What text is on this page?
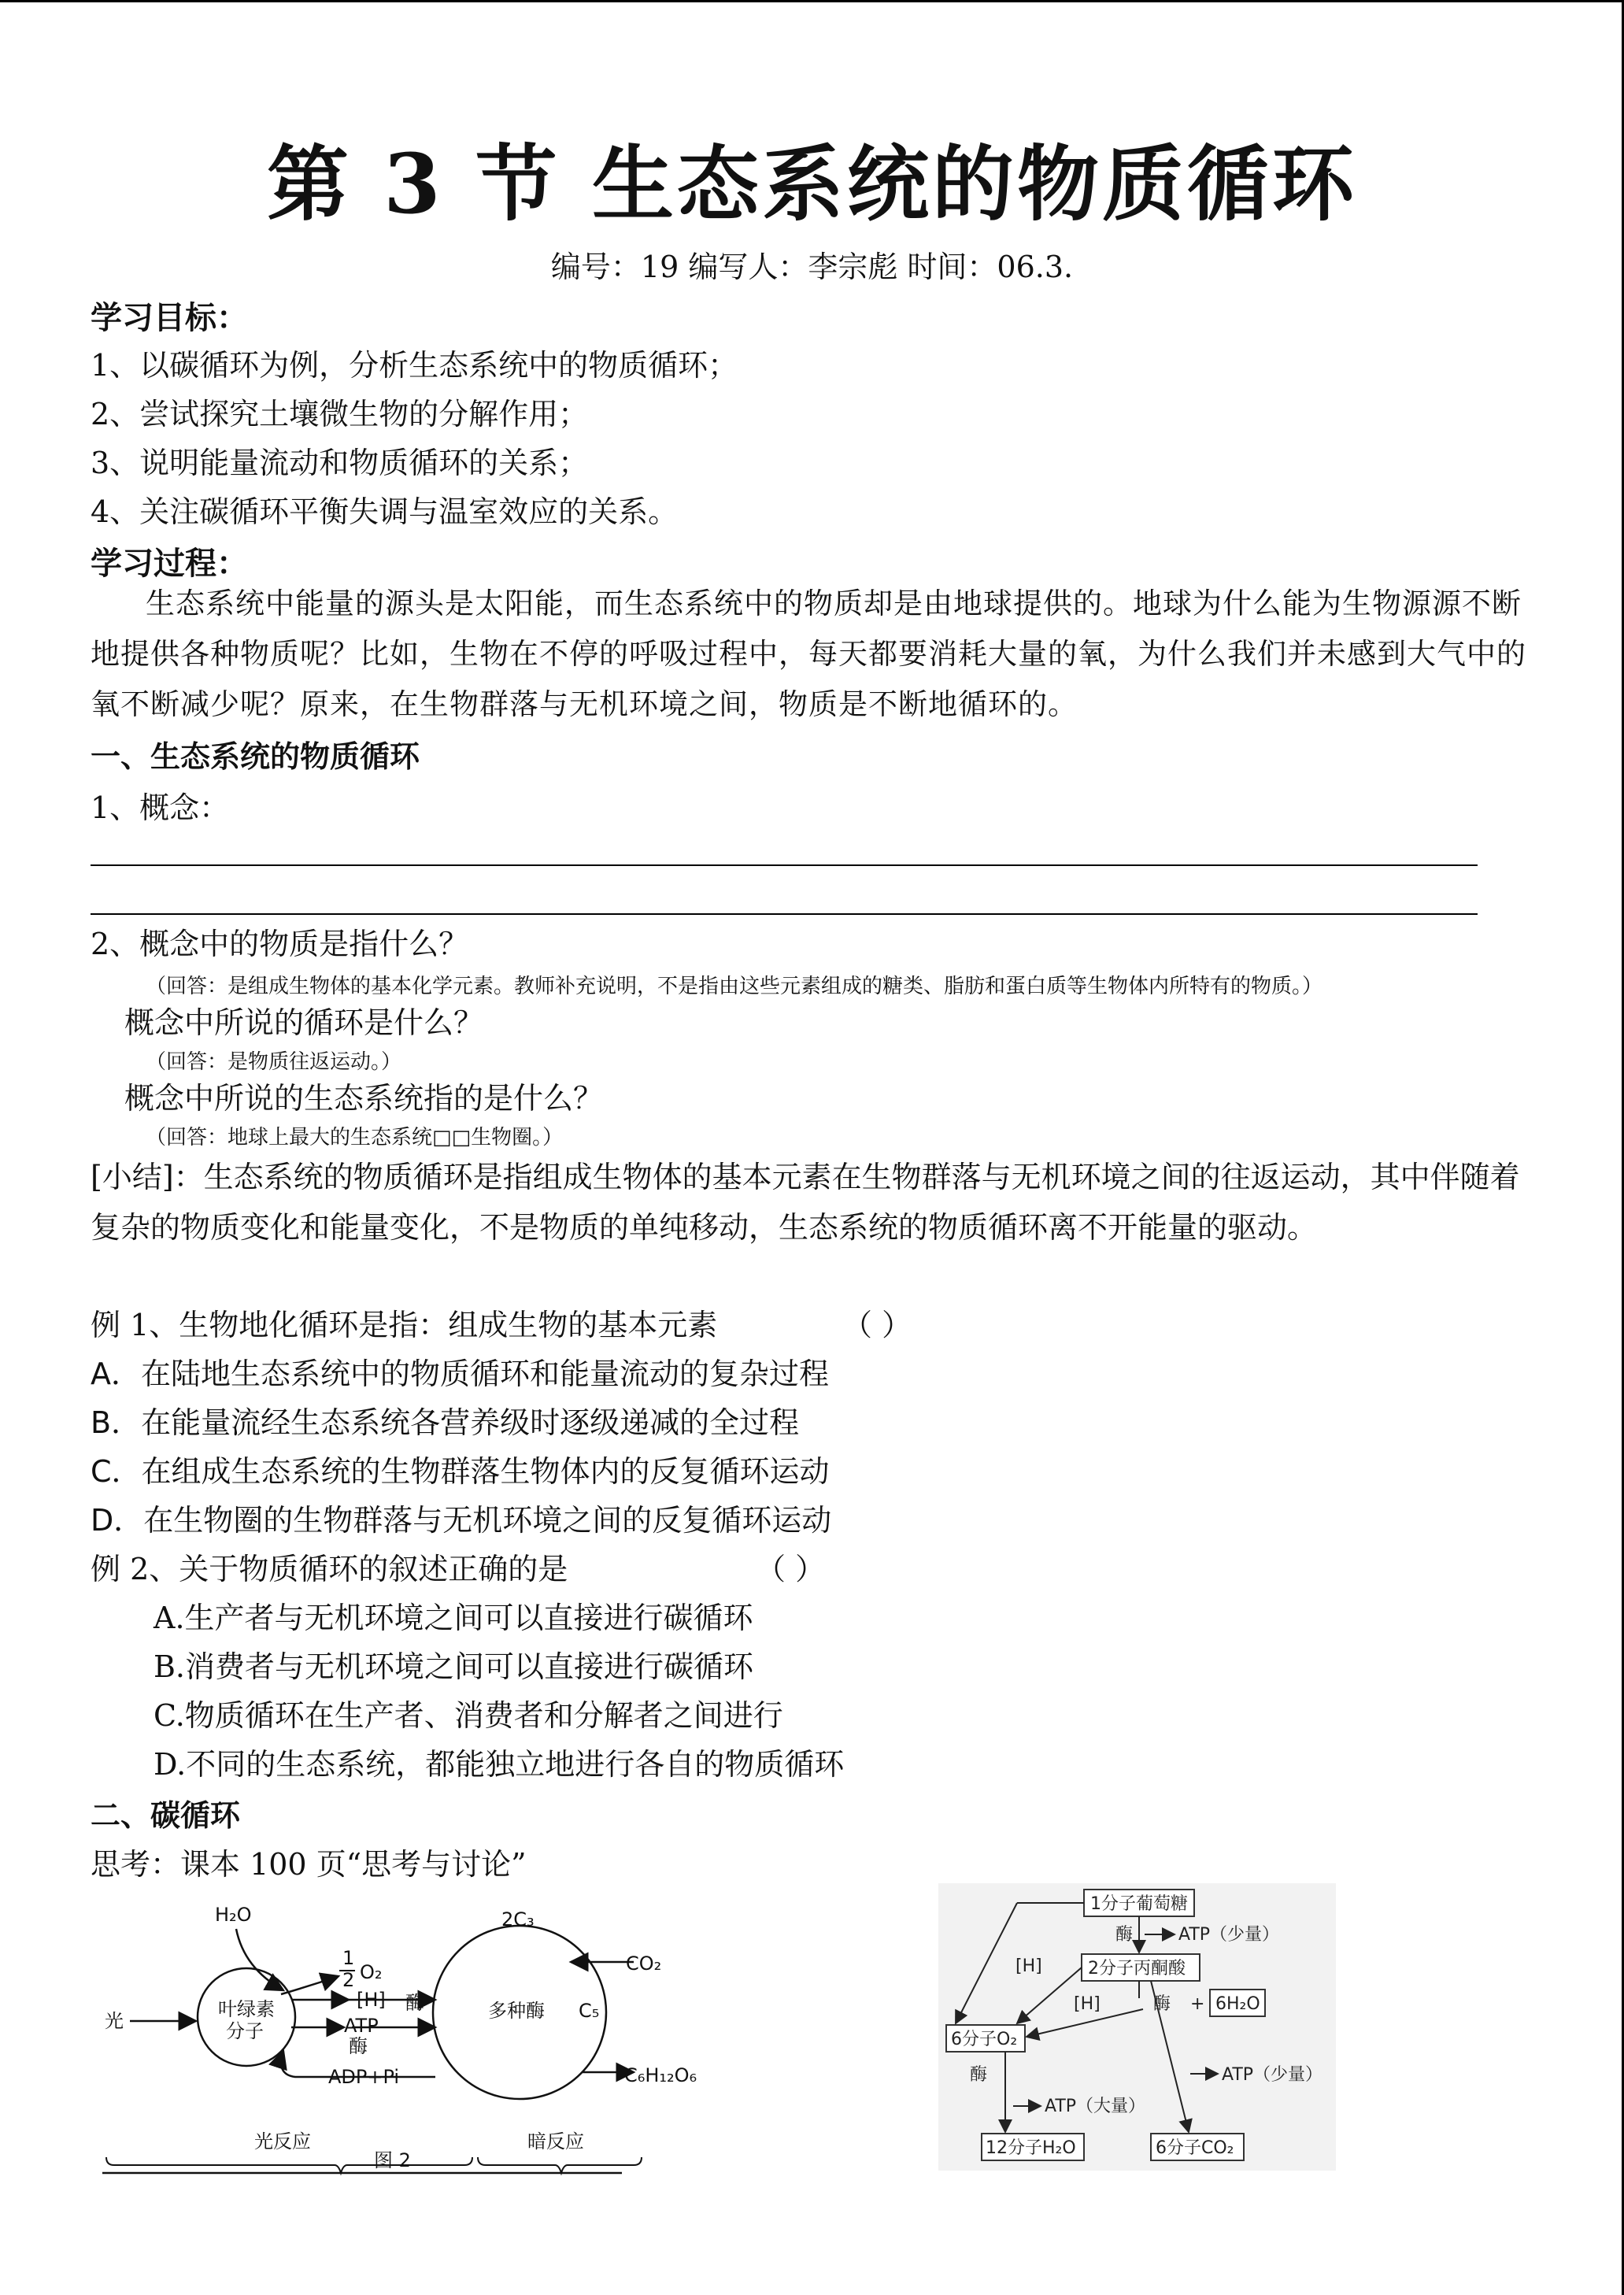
第 3 节 生态系统的物质循环
编号：19 编写人：李宗彪 时间：06.3.
学习目标：
1、以碳循环为例，分析生态系统中的物质循环；
2、尝试探究土壤微生物的分解作用；
3、说明能量流动和物质循环的关系；
4、关注碳循环平衡失调与温室效应的关系。
学习过程：
生态系统中能量的源头是太阳能，而生态系统中的物质却是由地球提供的。地球为什么能为生物源源不断地提供各种物质呢？比如，生物在不停的呼吸过程中，每天都要消耗大量的氧，为什么我们并未感到大气中的氧不断减少呢？原来，在生物群落与无机环境之间，物质是不断地循环的。
一、生态系统的物质循环
1、概念：
2、概念中的物质是指什么？
（回答：是组成生物体的基本化学元素。教师补充说明，不是指由这些元素组成的糖类、脂肪和蛋白质等生物体内所特有的物质。）
概念中所说的循环是什么？
（回答：是物质往返运动。）
概念中所说的生态系统指的是什么？
（回答：地球上最大的生态系统□□生物圈。）
[小结]：生态系统的物质循环是指组成生物体的基本元素在生物群落与无机环境之间的往返运动，其中伴随着复杂的物质变化和能量变化，不是物质的单纯移动，生态系统的物质循环离不开能量的驱动。
例 1、生物地化循环是指：组成生物的基本元素	（ ）
A．在陆地生态系统中的物质循环和能量流动的复杂过程
B．在能量流经生态系统各营养级时逐级递减的全过程
C．在组成生态系统的生物群落生物体内的反复循环运动
D．在生物圈的生物群落与无机环境之间的反复循环运动
例 2、关于物质循环的叙述正确的是	（ ）
A.生产者与无机环境之间可以直接进行碳循环
B.消费者与无机环境之间可以直接进行碳循环
C.物质循环在生产者、消费者和分解者之间进行
D.不同的生态系统，都能独立地进行各自的物质循环
二、碳循环
思考：课本 100 页“思考与讨论”
H₂O
1
2 O₂
[H]
ATP
酶
酶
ADP+Pi
光
叶绿素
分子
多种酶
2C₃
C₅
CO₂
C₆H₁₂O₆
光反应	暗反应
图 2
1分子葡萄糖
酶	ATP（少量）
2分子丙酮酸
[H]
[H]	酶 + 6H₂O
6分子O₂
酶	ATP（少量）
ATP（大量）
12分子H₂O	6分子CO₂
